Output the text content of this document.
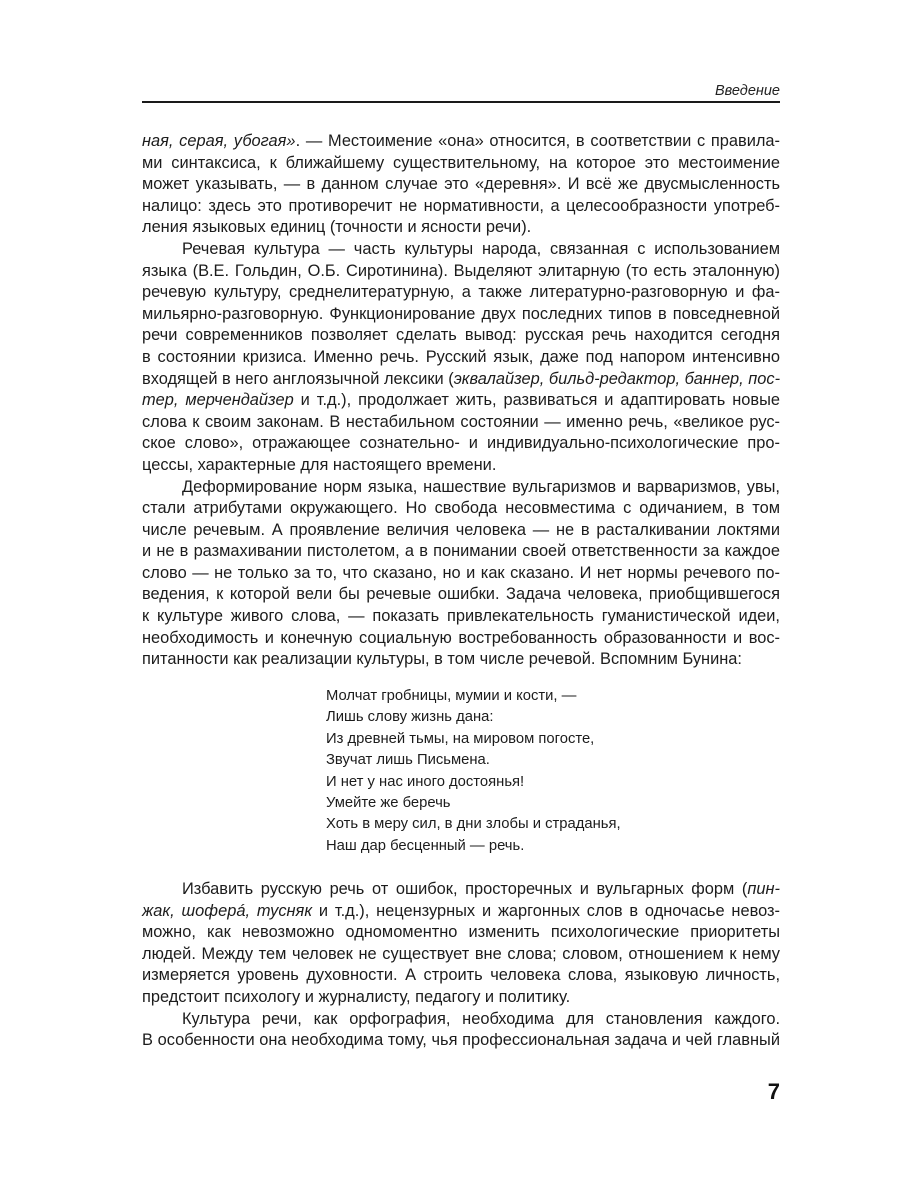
Введение
ная, серая, убогая». — Местоимение «она» относится, в соответствии с правила-
ми синтаксиса, к ближайшему существительному, на которое это местоимение
может указывать, — в данном случае это «деревня». И всё же двусмысленность
налицо: здесь это противоречит не нормативности, а целесообразности употреб-
ления языковых единиц (точности и ясности речи).
Речевая культура — часть культуры народа, связанная с использованием
языка (В.Е. Гольдин, О.Б. Сиротинина). Выделяют элитарную (то есть эталонную)
речевую культуру, среднелитературную, а также литературно-разговорную и фа-
мильярно-разговорную. Функционирование двух последних типов в повседневной
речи современников позволяет сделать вывод: русская речь находится сегодня
в состоянии кризиса. Именно речь. Русский язык, даже под напором интенсивно
входящей в него англоязычной лексики (эквалайзер, бильд-редактор, баннер, пос-
тер, мерчендайзер и т.д.), продолжает жить, развиваться и адаптировать новые
слова к своим законам. В нестабильном состоянии — именно речь, «великое рус-
ское слово», отражающее сознательно- и индивидуально-психологические про-
цессы, характерные для настоящего времени.
Деформирование норм языка, нашествие вульгаризмов и варваризмов, увы,
стали атрибутами окружающего. Но свобода несовместима с одичанием, в том
числе речевым. А проявление величия человека — не в расталкивании локтями
и не в размахивании пистолетом, а в понимании своей ответственности за каждое
слово — не только за то, что сказано, но и как сказано. И нет нормы речевого по-
ведения, к которой вели бы речевые ошибки. Задача человека, приобщившегося
к культуре живого слова, — показать привлекательность гуманистической идеи,
необходимость и конечную социальную востребованность образованности и вос-
питанности как реализации культуры, в том числе речевой. Вспомним Бунина:
Молчат гробницы, мумии и кости, —
Лишь слову жизнь дана:
Из древней тьмы, на мировом погосте,
Звучат лишь Письмена.
И нет у нас иного достоянья!
Умейте же беречь
Хоть в меру сил, в дни злобы и страданья,
Наш дар бесценный — речь.
Избавить русскую речь от ошибок, просторечных и вульгарных форм (пин-
жак, шоферá, тусняк и т.д.), нецензурных и жаргонных слов в одночасье невоз-
можно, как невозможно одномоментно изменить психологические приоритеты
людей. Между тем человек не существует вне слова; словом, отношением к нему
измеряется уровень духовности. А строить человека слова, языковую личность,
предстоит психологу и журналисту, педагогу и политику.
Культура речи, как орфография, необходима для становления каждого.
В особенности она необходима тому, чья профессиональная задача и чей главный
7
